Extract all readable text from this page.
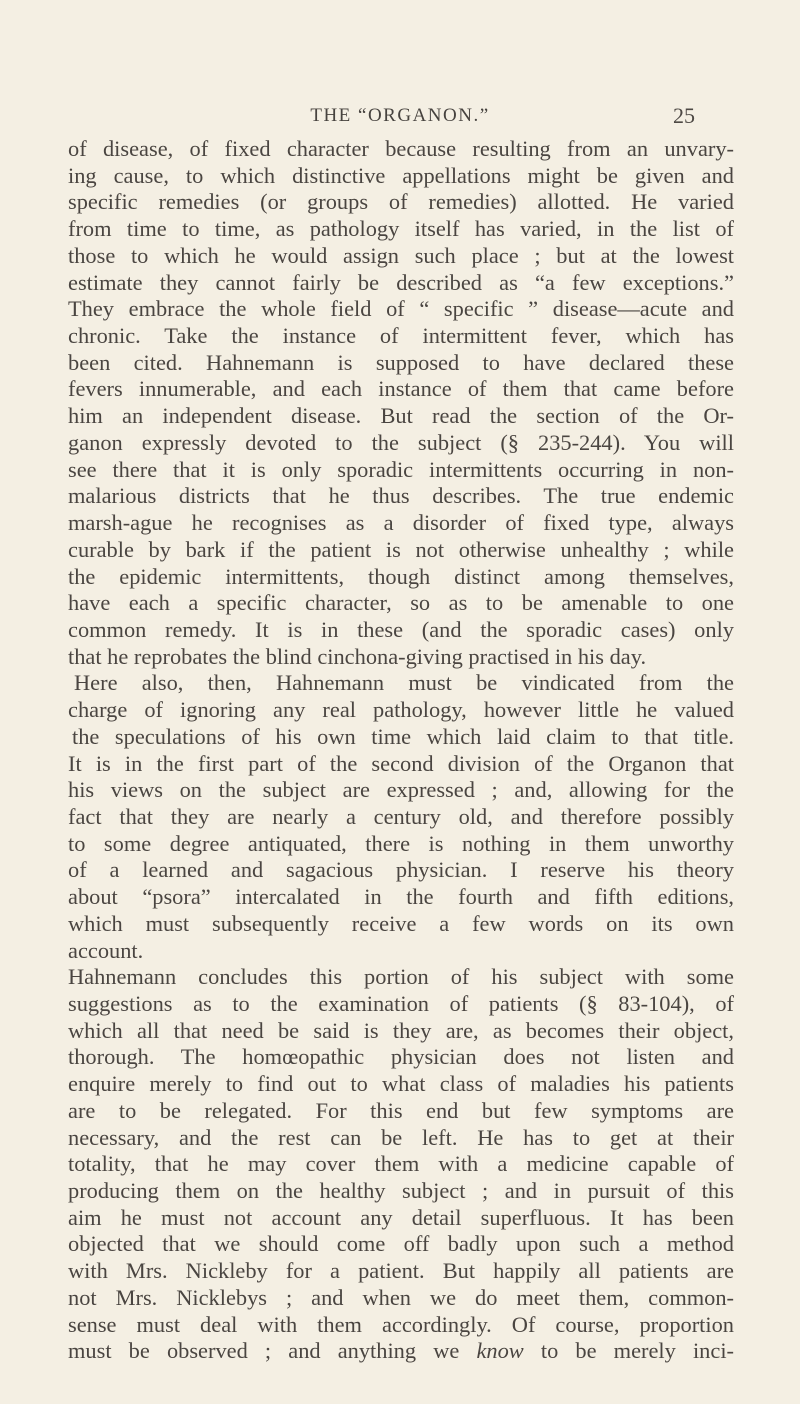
THE “ORGANON.”	25
of disease, of fixed character because resulting from an unvary-
ing cause, to which distinctive appellations might be given and
specific remedies (or groups of remedies) allotted. He varied
from time to time, as pathology itself has varied, in the list of
those to which he would assign such place ; but at the lowest
estimate they cannot fairly be described as “a few exceptions.”
They embrace the whole field of “ specific ” disease—acute and
chronic. Take the instance of intermittent fever, which has
been cited. Hahnemann is supposed to have declared these
fevers innumerable, and each instance of them that came before
him an independent disease. But read the section of the Or-
ganon expressly devoted to the subject (§ 235-244). You will
see there that it is only sporadic intermittents occurring in non-
malarious districts that he thus describes. The true endemic
marsh-ague he recognises as a disorder of fixed type, always
curable by bark if the patient is not otherwise unhealthy ; while
the epidemic intermittents, though distinct among themselves,
have each a specific character, so as to be amenable to one
common remedy. It is in these (and the sporadic cases) only
that he reprobates the blind cinchona-giving practised in his day.
Here also, then, Hahnemann must be vindicated from the
charge of ignoring any real pathology, however little he valued
the speculations of his own time which laid claim to that title.
It is in the first part of the second division of the Organon that
his views on the subject are expressed ; and, allowing for the
fact that they are nearly a century old, and therefore possibly
to some degree antiquated, there is nothing in them unworthy
of a learned and sagacious physician. I reserve his theory
about “psora” intercalated in the fourth and fifth editions,
which must subsequently receive a few words on its own
account.
Hahnemann concludes this portion of his subject with some
suggestions as to the examination of patients (§ 83-104), of
which all that need be said is they are, as becomes their object,
thorough. The homœopathic physician does not listen and
enquire merely to find out to what class of maladies his patients
are to be relegated. For this end but few symptoms are
necessary, and the rest can be left. He has to get at their
totality, that he may cover them with a medicine capable of
producing them on the healthy subject ; and in pursuit of this
aim he must not account any detail superfluous. It has been
objected that we should come off badly upon such a method
with Mrs. Nickleby for a patient. But happily all patients are
not Mrs. Nicklebys ; and when we do meet them, common-
sense must deal with them accordingly. Of course, proportion
must be observed ; and anything we know to be merely inci-
